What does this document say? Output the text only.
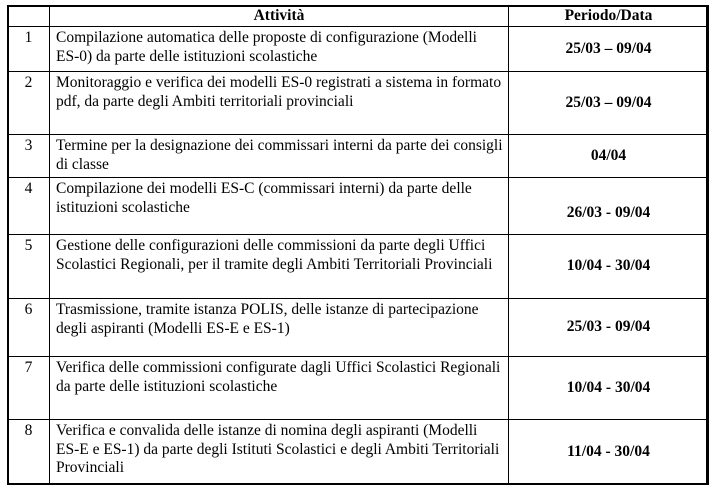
	Attività	Periodo/Data
1	Compilazione automatica delle proposte di configurazione (Modelli ES-0) da parte delle istituzioni scolastiche	25/03 – 09/04
2	Monitoraggio e verifica dei modelli ES-0 registrati a sistema in formato pdf, da parte degli Ambiti territoriali provinciali	25/03 – 09/04
3	Termine per la designazione dei commissari interni da parte dei consigli di classe	04/04
4	Compilazione dei modelli ES-C (commissari interni) da parte delle istituzioni scolastiche	26/03 - 09/04
5	Gestione delle configurazioni delle commissioni da parte degli Uffici Scolastici Regionali, per il tramite degli Ambiti Territoriali Provinciali	10/04 - 30/04
6	Trasmissione, tramite istanza POLIS, delle istanze di partecipazione degli aspiranti (Modelli ES-E e ES-1)	25/03 - 09/04
7	Verifica delle commissioni configurate dagli Uffici Scolastici Regionali da parte delle istituzioni scolastiche	10/04 - 30/04
8	Verifica e convalida delle istanze di nomina degli aspiranti (Modelli ES-E e ES-1) da parte degli Istituti Scolastici e degli Ambiti Territoriali Provinciali	11/04 - 30/04
